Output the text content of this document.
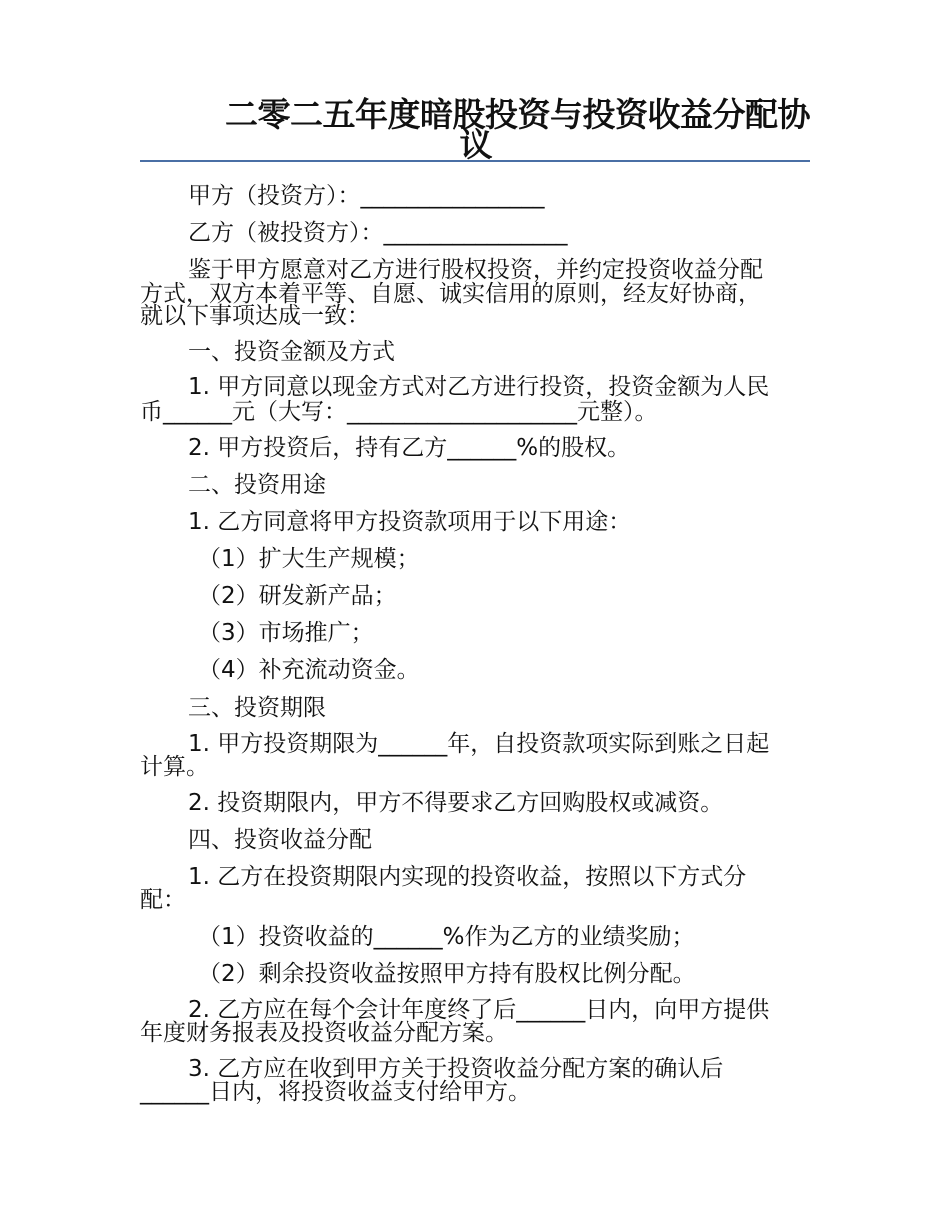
二零二五年度暗股投资与投资收益分配协
议
甲方（投资方）：________________
乙方（被投资方）：________________
鉴于甲方愿意对乙方进行股权投资，并约定投资收益分配
方式，双方本着平等、自愿、诚实信用的原则，经友好协商，
就以下事项达成一致：
一、投资金额及方式
1. 甲方同意以现金方式对乙方进行投资，投资金额为人民
币______元（大写：____________________元整）。
2. 甲方投资后，持有乙方______%的股权。
二、投资用途
1. 乙方同意将甲方投资款项用于以下用途：
（1）扩大生产规模；
（2）研发新产品；
（3）市场推广；
（4）补充流动资金。
三、投资期限
1. 甲方投资期限为______年，自投资款项实际到账之日起
计算。
2. 投资期限内，甲方不得要求乙方回购股权或减资。
四、投资收益分配
1. 乙方在投资期限内实现的投资收益，按照以下方式分
配：
（1）投资收益的______%作为乙方的业绩奖励；
（2）剩余投资收益按照甲方持有股权比例分配。
2. 乙方应在每个会计年度终了后______日内，向甲方提供
年度财务报表及投资收益分配方案。
3. 乙方应在收到甲方关于投资收益分配方案的确认后
______日内，将投资收益支付给甲方。
